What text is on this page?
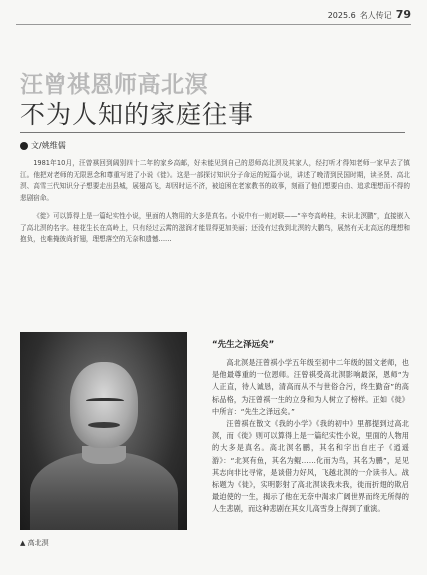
2025.6 名人传记 79
汪曾祺恩师高北溟
不为人知的家庭往事
文/姚维儒

1981年10月，汪曾祺回到阔别四十二年的家乡高邮，好未能见到自己的恩师高北溟及其家人，经打听才得知老师一家早去了镇江。他把对老师的无限思念和尊重写进了小说《徙》。这是一部探讨知识分子命运的短篇小说，讲述了晚清到民国时期，读圣贤、高北溟、高雪三代知识分子想要走出县城，展翅高飞，却因时运不济，被迫困在老家教书的故事，刻画了他们想要自由、追求理想而不得的悲剧宿命。

《徙》可以算得上是一篇纪实性小说，里面的人物用的大多是真名。小说中有一则对联——“辛夸高岭桂，未识北溟鹏”，直接嵌入了高北溟的名字。桂花生长在高岭上，只有经过云霄的滋润才能显得更加美丽；还没有过我到北溟的大鹏鸟，展然有天北高远的理想和抱负，也难掩彼尚折翅，理想落空的无奈和遗憾……

▲ 高北溟
“先生之泽远矣”

高北溟是汪曾祺小学五年级至初中二年级的国文老师，也是他最尊重的一位恩师。汪曾祺受高北溟影响最深，恩师“为人正直，待人诚恳，清高而从不与世俗合污，终生勤奋”的高标品格，为汪曾祺一生的立身和为人树立了榜样。正如《徙》中所言：“先生之泽远矣。”

汪曾祺在散文《我的小学》《我的初中》里都提到过高北溟，而《徙》则可以算得上是一篇纪实性小说，里面的人物用的大多是真名。高北溟名鹏，其名和字出自庄子《逍遥游》：“北冥有鱼，其名为鲲……化而为鸟，其名为鹏”，足见其志向非比寻常，是谈借力好风，飞越北溟的一介读书人。战标题为《徙》，实明影射了高北溟谈我未我，徙而折翅的欺启最迫使的一生，揭示了他在无奈中渴求广阔世界而终无所得的人生悲剧，而这种悲剧在其女儿高雪身上得到了重演。
